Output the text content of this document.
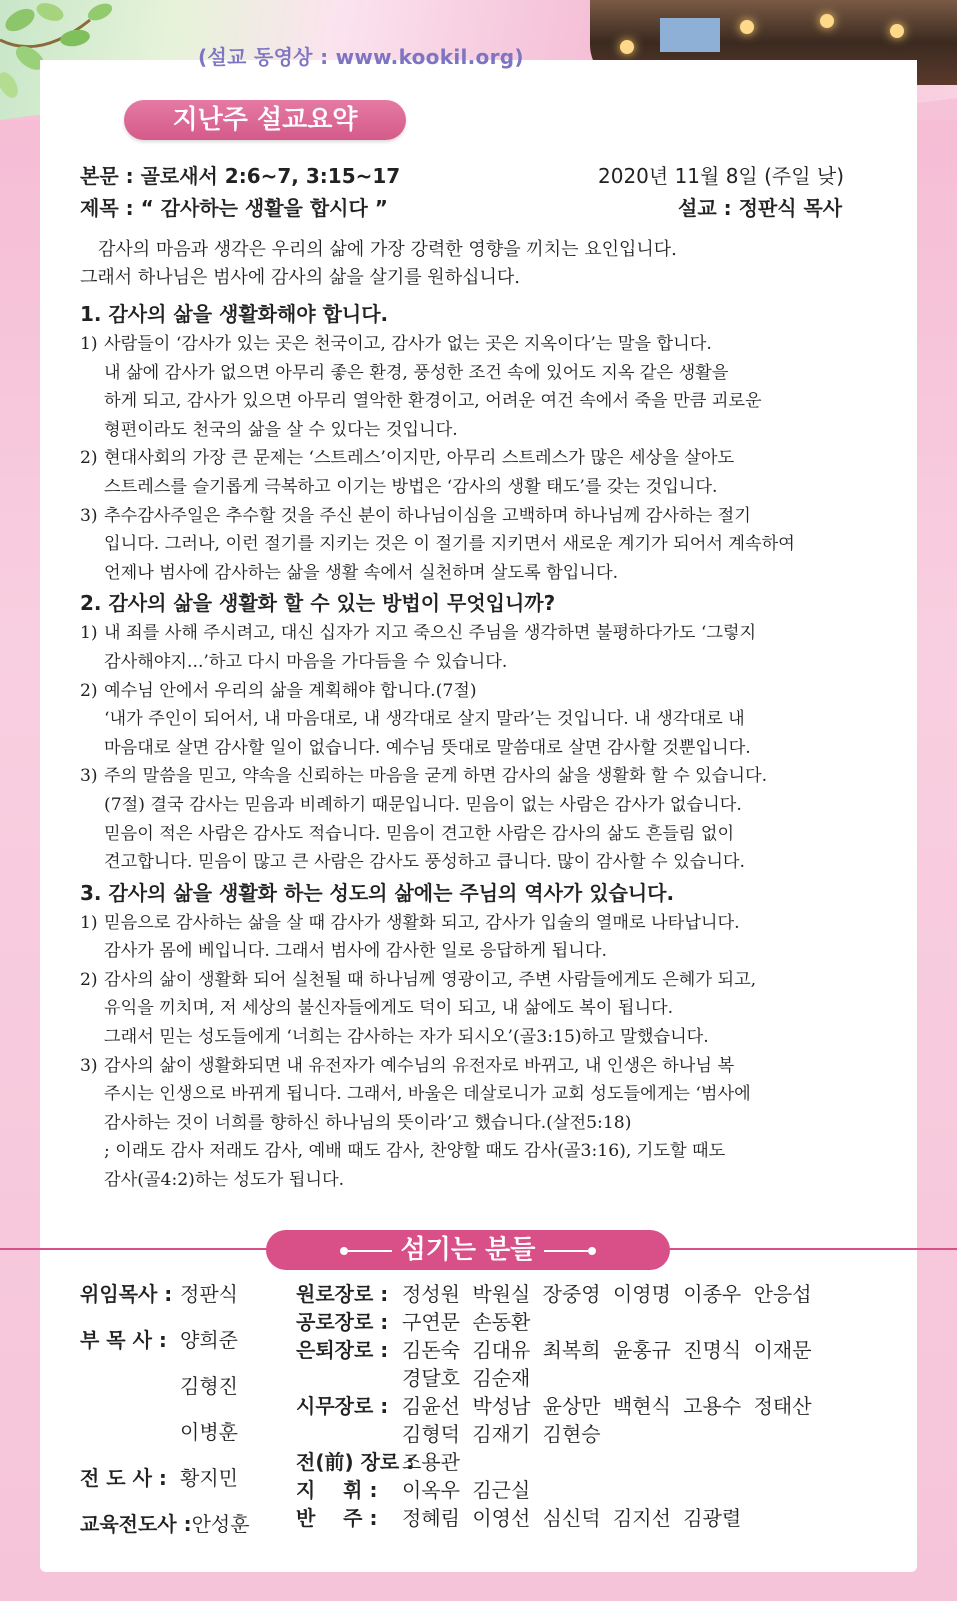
(설교 동영상 : www.kookil.org)
지난주 설교요약
본문 : 골로새서 2:6~7, 3:15~17
제목 : “ 감사하는 생활을 합시다 ”
2020년 11월 8일 (주일 낮)
설교 : 정판식 목사

감사의 마음과 생각은 우리의 삶에 가장 강력한 영향을 끼치는 요인입니다.

그래서 하나님은 범사에 감사의 삶을 살기를 원하십니다.

1. 감사의 삶을 생활화해야 합니다.
1) 사람들이 ‘감사가 있는 곳은 천국이고, 감사가 없는 곳은 지옥이다’는 말을 합니다.

내 삶에 감사가 없으면 아무리 좋은 환경, 풍성한 조건 속에 있어도 지옥 같은 생활을

하게 되고, 감사가 있으면 아무리 열악한 환경이고, 어려운 여건 속에서 죽을 만큼 괴로운

형편이라도 천국의 삶을 살 수 있다는 것입니다.

2) 현대사회의 가장 큰 문제는 ‘스트레스’이지만, 아무리 스트레스가 많은 세상을 살아도

스트레스를 슬기롭게 극복하고 이기는 방법은 ‘감사의 생활 태도’를 갖는 것입니다.

3) 추수감사주일은 추수할 것을 주신 분이 하나님이심을 고백하며 하나님께 감사하는 절기

입니다. 그러나, 이런 절기를 지키는 것은 이 절기를 지키면서 새로운 계기가 되어서 계속하여

언제나 범사에 감사하는 삶을 생활 속에서 실천하며 살도록 함입니다.

2. 감사의 삶을 생활화 할 수 있는 방법이 무엇입니까?
1) 내 죄를 사해 주시려고, 대신 십자가 지고 죽으신 주님을 생각하면 불평하다가도 ‘그렇지

감사해야지...’하고 다시 마음을 가다듬을 수 있습니다.

2) 예수님 안에서 우리의 삶을 계획해야 합니다.(7절)

‘내가 주인이 되어서, 내 마음대로, 내 생각대로 살지 말라’는 것입니다. 내 생각대로 내

마음대로 살면 감사할 일이 없습니다. 예수님 뜻대로 말씀대로 살면 감사할 것뿐입니다.

3) 주의 말씀을 믿고, 약속을 신뢰하는 마음을 굳게 하면 감사의 삶을 생활화 할 수 있습니다.

(7절) 결국 감사는 믿음과 비례하기 때문입니다. 믿음이 없는 사람은 감사가 없습니다.

믿음이 적은 사람은 감사도 적습니다. 믿음이 견고한 사람은 감사의 삶도 흔들림 없이

견고합니다. 믿음이 많고 큰 사람은 감사도 풍성하고 큽니다. 많이 감사할 수 있습니다.

3. 감사의 삶을 생활화 하는 성도의 삶에는 주님의 역사가 있습니다.
1) 믿음으로 감사하는 삶을 살 때 감사가 생활화 되고, 감사가 입술의 열매로 나타납니다.

감사가 몸에 베입니다. 그래서 범사에 감사한 일로 응답하게 됩니다.

2) 감사의 삶이 생활화 되어 실천될 때 하나님께 영광이고, 주변 사람들에게도 은혜가 되고,

유익을 끼치며, 저 세상의 불신자들에게도 덕이 되고, 내 삶에도 복이 됩니다.

그래서 믿는 성도들에게 ‘너희는 감사하는 자가 되시오’(골3:15)하고 말했습니다.

3) 감사의 삶이 생활화되면 내 유전자가 예수님의 유전자로 바뀌고, 내 인생은 하나님 복

주시는 인생으로 바뀌게 됩니다. 그래서, 바울은 데살로니가 교회 성도들에게는 ‘범사에

감사하는 것이 너희를 향하신 하나님의 뜻이라’고 했습니다.(살전5:18)

; 이래도 감사 저래도 감사, 예배 때도 감사, 찬양할 때도 감사(골3:16), 기도할 때도

감사(골4:2)하는 성도가 됩니다.

섬기는 분들
위임목사 : 정판식
부 목 사 : 양희준
김형진
이병훈
전 도 사 : 황지민
교육전도사 :안성훈
원로장로 : 정성원 박원실 장중영 이영명 이종우 안응섭
공로장로 : 구연문 손동환
은퇴장로 : 김돈숙 김대유 최복희 윤홍규 진명식 이재문
경달호 김순재
시무장로 : 김윤선 박성남 윤상만 백현식 고용수 정태산
김형덕 김재기 김현승
전(前) 장로 :조용관
지    휘 : 이옥우 김근실
반    주 : 정혜림 이영선 심신덕 김지선 김광렬
